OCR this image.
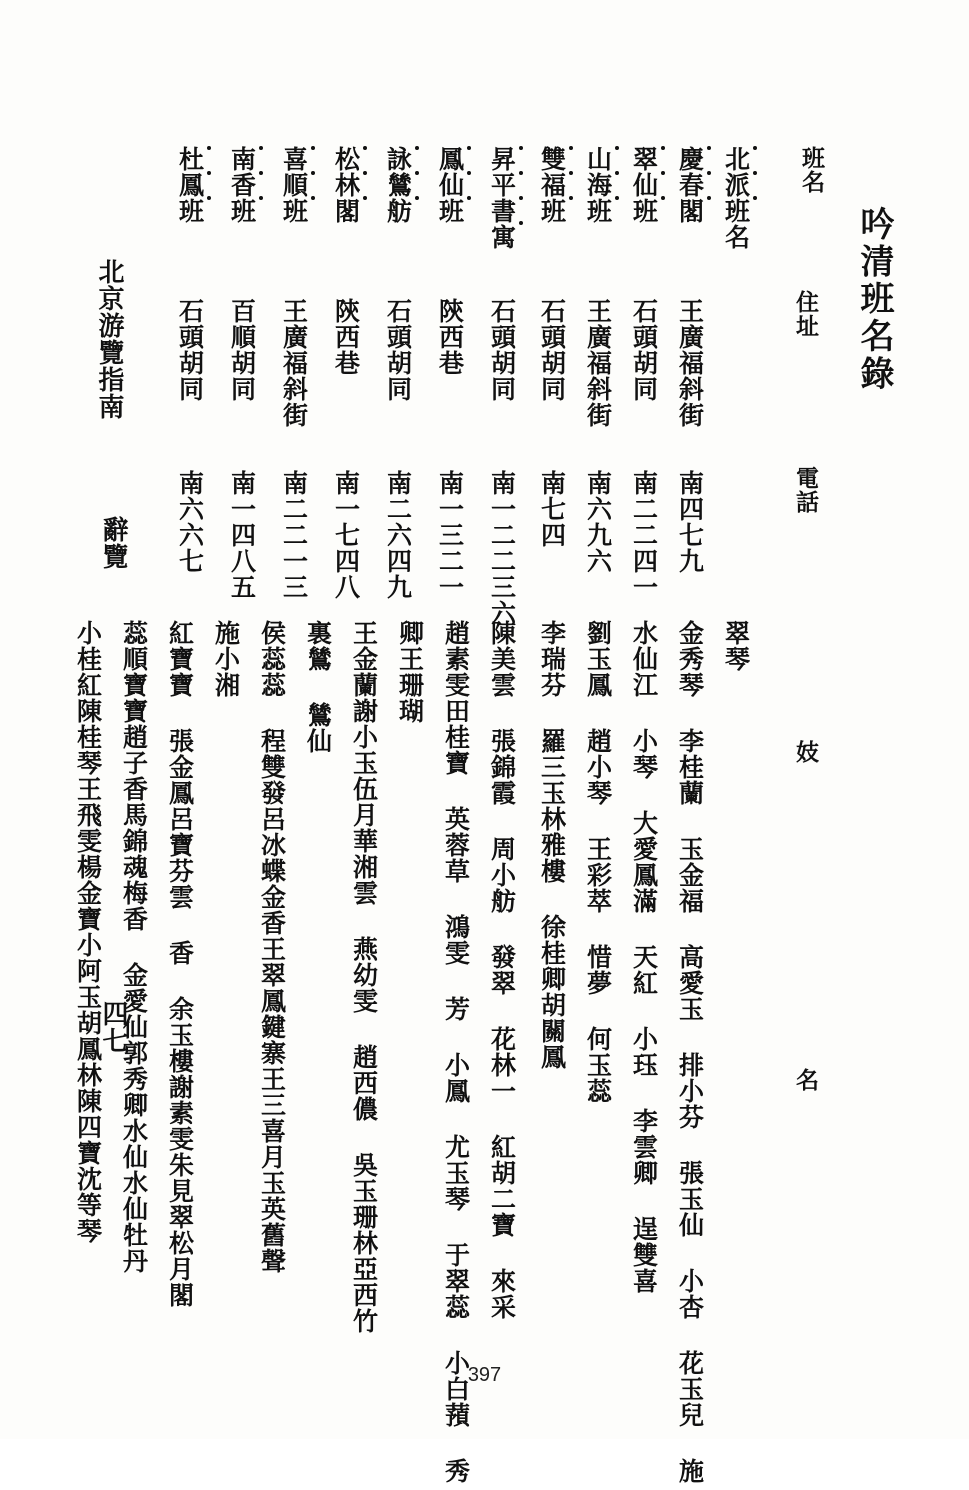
吟清班名錄
班名
住址
電話
妓
名
北派班名
慶春閣
王廣福斜街
南四七九
翠仙班
石頭胡同
南二二四一
山海班
王廣福斜街
南六九六
雙福班
石頭胡同
南七四
昇平書寓
石頭胡同
南一二二三六
鳳仙班
陝西巷
南一三二一
詠鷥舫
石頭胡同
南二六四九
松林閣
陝西巷
南一七四八
喜順班
王廣福斜街
南二二一三
南香班
百順胡同
南一四八五
杜鳳班
石頭胡同
南六六七
翠琴
金秀琴 李桂蘭 玉金福 高愛玉 排小芬 張玉仙 小杏 花玉兒 施
水仙江 小琴 大愛鳳滿 天紅 小珏 李雲卿 逞雙喜
劉玉鳳 趙小琴 王彩萃 惜夢 何玉蕊
李瑞芬 羅三玉林雅樓 徐桂卿胡關鳳
陳美雲 張錦霞 周小舫 發翠 花林一 紅胡二寶 來采
趙素雯田桂寶 英蓉草 鴻雯 芳 小鳳 尤玉琴 于翠蕊 小白蕷 秀
卿王珊瑚
王金蘭謝小玉伍月華湘雲 燕幼雯 趙西儂 吳玉珊林亞西竹
裏鷥 鷥仙
侯蕊蕊 程雙發呂冰蝶金香王翠鳳鍵寨王三喜月玉英舊聲
施小湘
紅寶寶 張金鳳呂寶芬雲 香 余玉樓謝素雯朱見翠松月閣
蕊順寶寶趙子香馬錦魂梅香 金愛仙郭秀卿水仙水仙牡丹
小桂紅陳桂琴王飛雯楊金寶小阿玉胡鳳林陳四寶沈等琴
北京游覽指南
辭覽
四七
397
